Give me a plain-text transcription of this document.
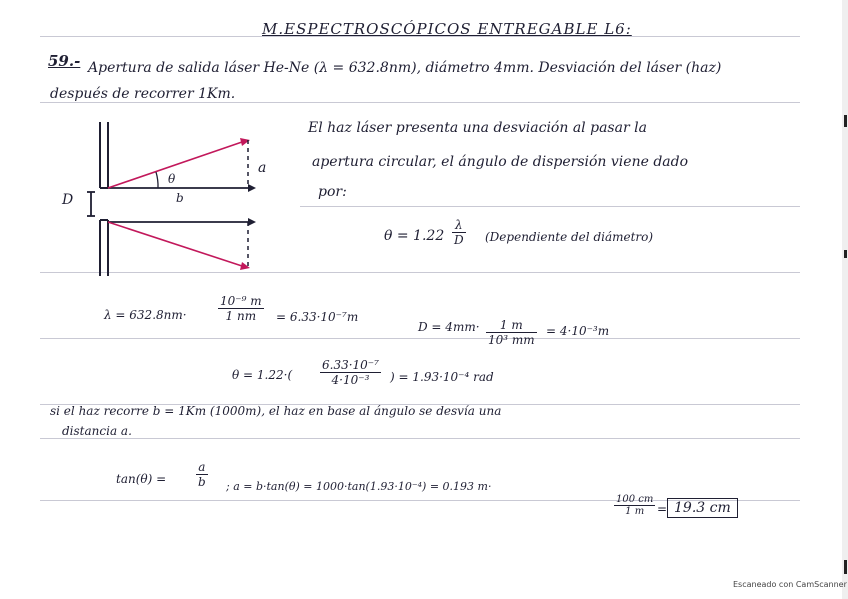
M.ESPECTROSCÓPICOS ENTREGABLE L6:
59.- Apertura de salida láser He-Ne (λ = 632.8nm), diámetro 4mm. Desviación del láser (haz)
después de recorrer 1Km.
θ
b
a
D
El haz láser presenta una desviación al pasar la
apertura circular, el ángulo de dispersión viene dado
por:
$\theta = 1.22 \frac{\lambda}{D}$ (Dependiente del diámetro)
λ = 632.8nm·	$\frac{\text{10⁻⁹ m}}{1 nm} = 6.33\cdot 10^{-7}m$
$D = 4mm\cdot \frac{1 m}{\text{10³ mm}} = 4\cdot 10^{-3}m$
$\theta = 1.22\cdot( \frac{\text{6.33·10⁻⁷}}{\text{4·10⁻³}}$ ) = 1.93·10⁻⁴ rad
si el haz recorre b = 1Km (1000m), el haz en base al ángulo se desvía una
distancia a.
$\tan(\theta) = \frac{a}{b}$ ; a = b·tan(θ) = 1000·tan(1.93·10⁻⁴) = 0.193 m·
$\frac{100 cm}{1 m} = 19.3$ cm
Escaneado con CamScanner
